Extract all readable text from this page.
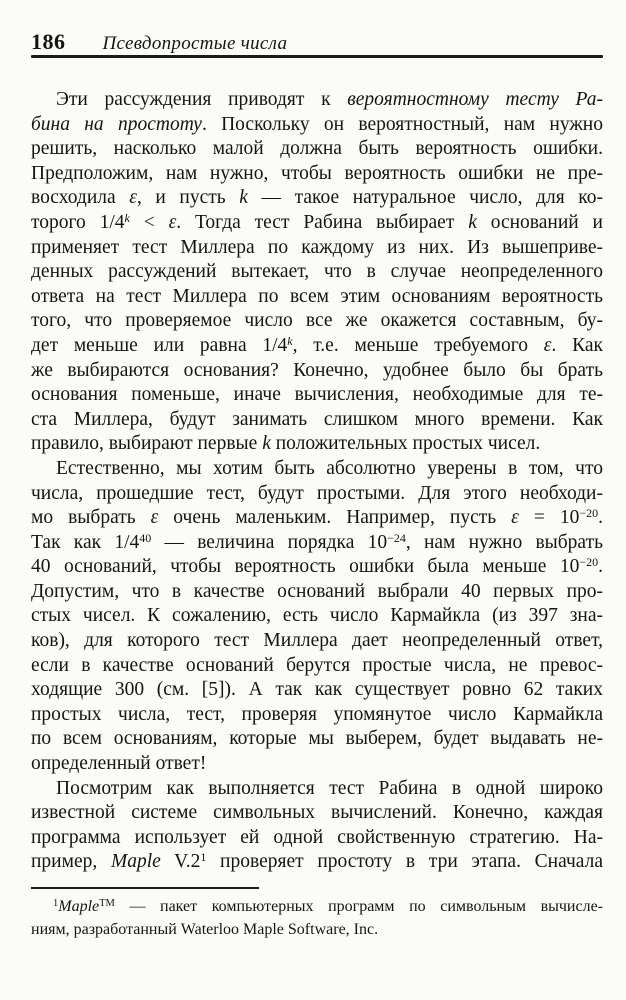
186 Псевдопростые числа
Эти рассуждения приводят к вероятностному тесту Ра-
бина на простоту. Поскольку он вероятностный, нам нужно
решить, насколько малой должна быть вероятность ошибки.
Предположим, нам нужно, чтобы вероятность ошибки не пре-
восходила ε, и пусть k — такое натуральное число, для ко-
торого $1/4^k < \varepsilon$. Тогда тест Рабина выбирает k оснований и
применяет тест Миллера по каждому из них. Из вышеприве-
денных рассуждений вытекает, что в случае неопределенного
ответа на тест Миллера по всем этим основаниям вероятность
того, что проверяемое число все же окажется составным, бу-
дет меньше или равна 1/4$^k$, т.е. меньше требуемого ε. Как
же выбираются основания? Конечно, удобнее было бы брать
основания поменьше, иначе вычисления, необходимые для те-
ста Миллера, будут занимать слишком много времени. Как
правило, выбирают первые k положительных простых чисел.
Естественно, мы хотим быть абсолютно уверены в том, что
числа, прошедшие тест, будут простыми. Для этого необходи-
мо выбрать ε очень маленьким. Например, пусть $\varepsilon = 10^{-20}$.
Так как $1/4^{40}$ — величина порядка $10^{-24}$, нам нужно выбрать
40 оснований, чтобы вероятность ошибки была меньше $10^{-20}$.
Допустим, что в качестве оснований выбрали 40 первых про-
стых чисел. К сожалению, есть число Кармайкла (из 397 зна-
ков), для которого тест Миллера дает неопределенный ответ,
если в качестве оснований берутся простые числа, не превос-
ходящие 300 (см. [5]). А так как существует ровно 62 таких
простых числа, тест, проверяя упомянутое число Кармайкла
по всем основаниям, которые мы выберем, будет выдавать не-
определенный ответ!
Посмотрим как выполняется тест Рабина в одной широко
известной системе символьных вычислений. Конечно, каждая
программа использует ей одной свойственную стратегию. На-
пример, Maple $V.2^1$ проверяет простоту в три этапа. Сначала
$^1$Maple™ — пакет компьютерных программ по символьным вычисле-
ниям, разработанный Waterloo Maple Software, Inc.
